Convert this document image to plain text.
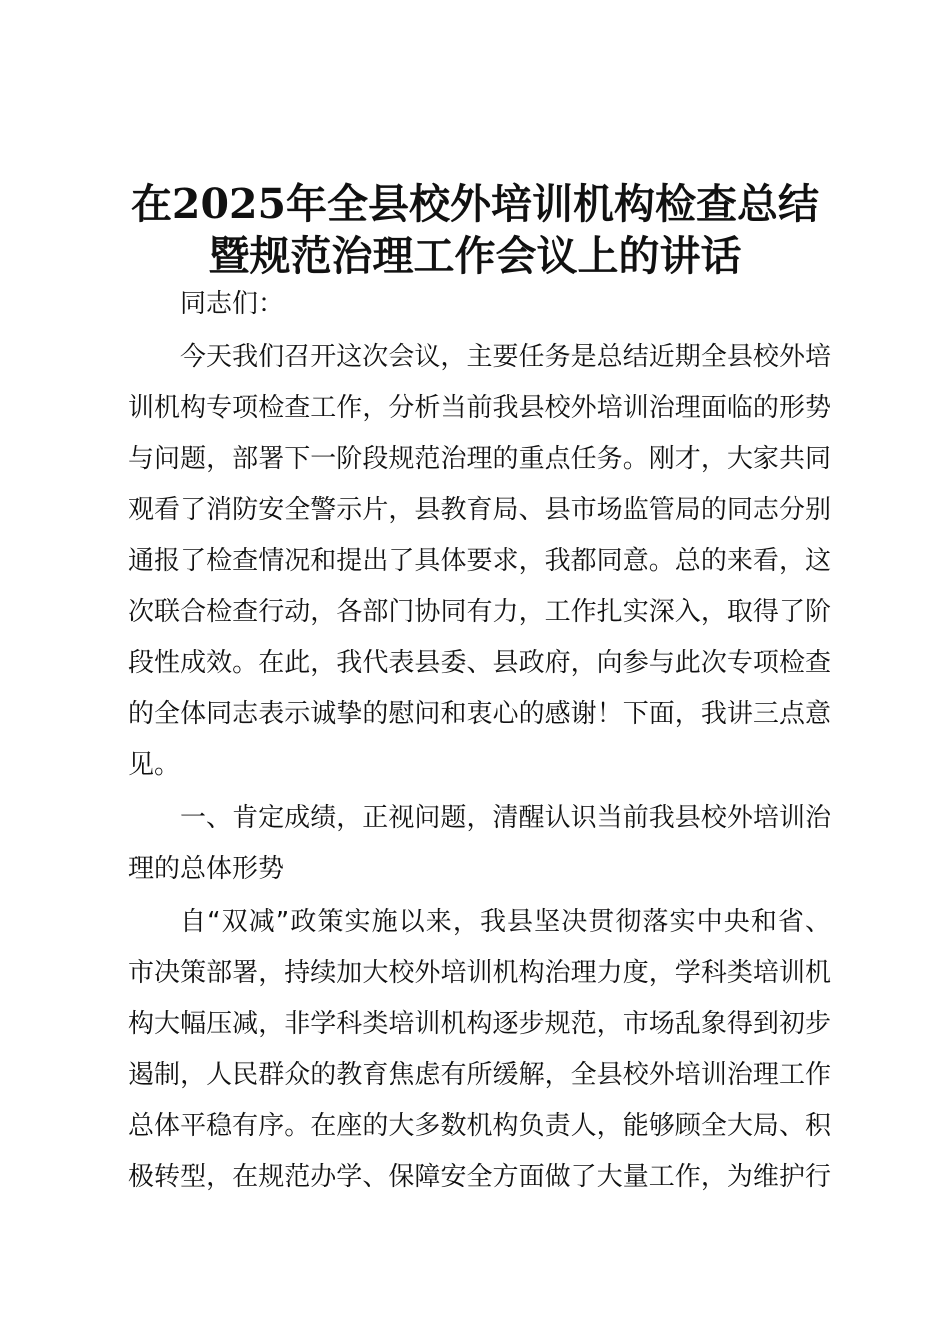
在2025年全县校外培训机构检查总结
暨规范治理工作会议上的讲话

同志们：

今天我们召开这次会议，主要任务是总结近期全县校外培
训机构专项检查工作，分析当前我县校外培训治理面临的形势
与问题，部署下一阶段规范治理的重点任务。刚才，大家共同
观看了消防安全警示片，县教育局、县市场监管局的同志分别
通报了检查情况和提出了具体要求，我都同意。总的来看，这
次联合检查行动，各部门协同有力，工作扎实深入，取得了阶
段性成效。在此，我代表县委、县政府，向参与此次专项检查
的全体同志表示诚挚的慰问和衷心的感谢！下面，我讲三点意
见。

一、肯定成绩，正视问题，清醒认识当前我县校外培训治
理的总体形势

自“双减”政策实施以来，我县坚决贯彻落实中央和省、
市决策部署，持续加大校外培训机构治理力度，学科类培训机
构大幅压减，非学科类培训机构逐步规范，市场乱象得到初步
遏制，人民群众的教育焦虑有所缓解，全县校外培训治理工作
总体平稳有序。在座的大多数机构负责人，能够顾全大局、积
极转型，在规范办学、保障安全方面做了大量工作，为维护行
